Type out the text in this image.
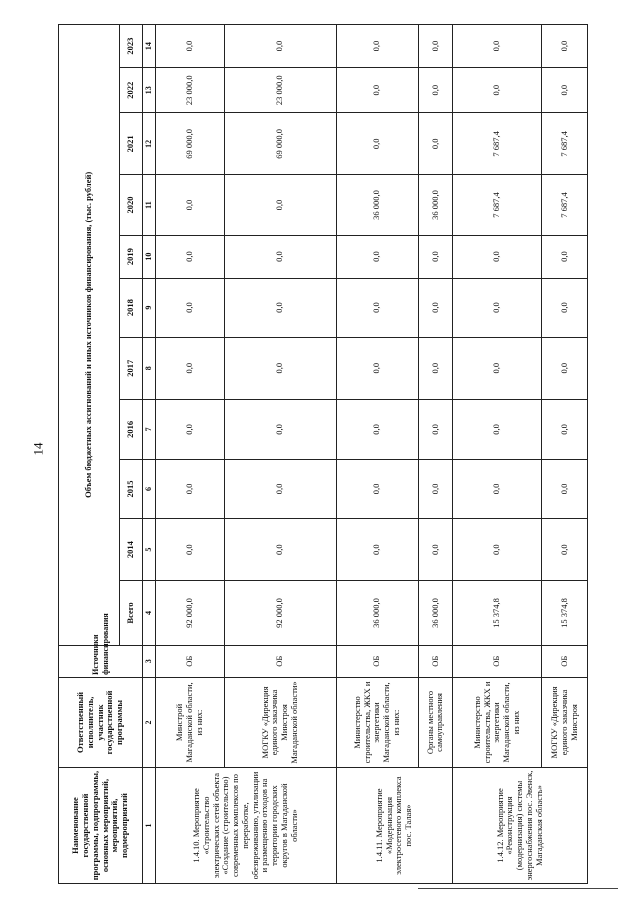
14
Наименование государственной программы, подпрограммы, основных мероприятий, мероприятий, подмероприятий	Ответственный исполнитель, участник государственной программы	Источники финансирования	Объем бюджетных ассигнований и иных источников финансирования, (тыс. рублей)										
			Всего	2014	2015	2016	2017	2018	2019	2020	2021	2022	2023
1	2	3	4	5	6	7	8	9	10	11	12	13	14
1.4.10. Мероприятие «Строительство электрических сетей объекта «Создание (строительство) современных комплексов по переработке, обезвреживанию, утилизации и размещению отходов на территории городских округов в Магаданской области»	Минстрой Магаданской области, из них:	ОБ	92 000,0	0,0	0,0	0,0	0,0	0,0	0,0	0,0	69 000,0	23 000,0	0,0
	МОГКУ «Дирекция единого заказчика Минстроя Магаданской области»	ОБ	92 000,0	0,0	0,0	0,0	0,0	0,0	0,0	0,0	69 000,0	23 000,0	0,0
1.4.11. Мероприятие «Модернизация электросетевого комплекса пос. Талая»	Министерство строительства, ЖКХ и энергетики Магаданской области, из них:	ОБ	36 000,0	0,0	0,0	0,0	0,0	0,0	0,0	36 000,0	0,0	0,0	0,0
	Органы местного самоуправления	ОБ	36 000,0	0,0	0,0	0,0	0,0	0,0	0,0	36 000,0	0,0	0,0	0,0
1.4.12. Мероприятие «Реконструкция (модернизация) системы энергоснабжения пос. Эвенск, Магаданская область»	Министерство строительства, ЖКХ и энергетики Магаданской области, из них	ОБ	15 374,8	0,0	0,0	0,0	0,0	0,0	0,0	7 687,4	7 687,4	0,0	0,0
	МОГКУ «Дирекция единого заказчика Минстроя	ОБ	15 374,8	0,0	0,0	0,0	0,0	0,0	0,0	7 687,4	7 687,4	0,0	0,0
